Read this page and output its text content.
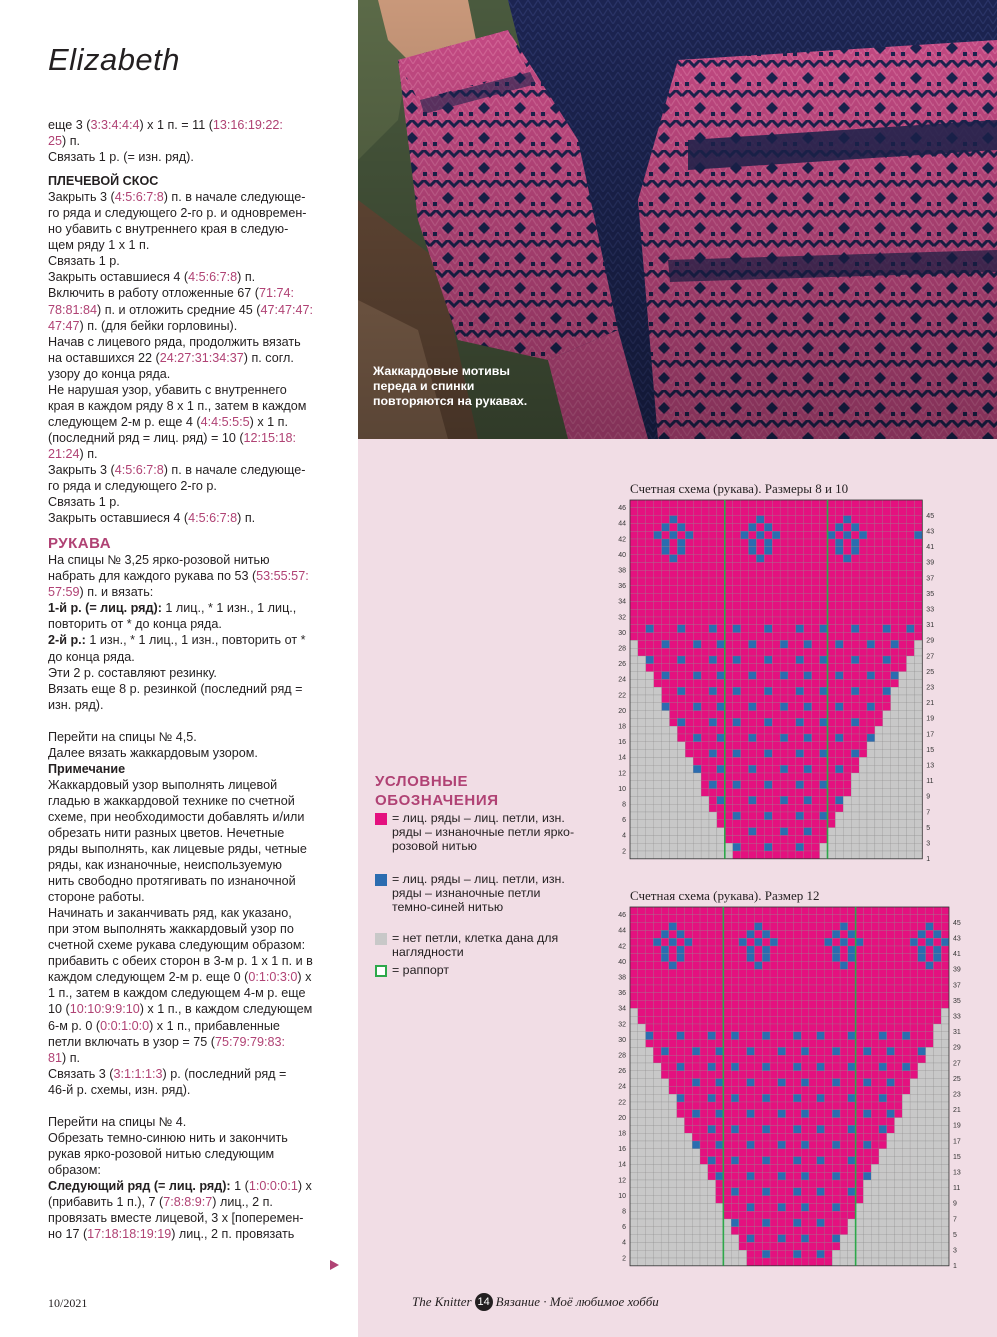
Elizabeth
еще 3 (3:3:4:4:4) х 1 п. = 11 (13:16:19:22:
25) п.
Связать 1 р. (= изн. ряд).
ПЛЕЧЕВОЙ СКОС
Закрыть 3 (4:5:6:7:8) п. в начале следующе-
го ряда и следующего 2-го р. и одновремен-
но убавить с внутреннего края в следую-
щем ряду 1 х 1 п.
Связать 1 р.
Закрыть оставшиеся 4 (4:5:6:7:8) п.
Включить в работу отложенные 67 (71:74:
78:81:84) п. и отложить средние 45 (47:47:47:
47:47) п. (для бейки горловины).
Начав с лицевого ряда, продолжить вязать
на оставшихся 22 (24:27:31:34:37) п. согл.
узору до конца ряда.
Не нарушая узор, убавить с внутреннего
края в каждом ряду 8 х 1 п., затем в каждом
следующем 2-м р. еще 4 (4:4:5:5:5) х 1 п.
(последний ряд = лиц. ряд) = 10 (12:15:18:
21:24) п.
Закрыть 3 (4:5:6:7:8) п. в начале следующе-
го ряда и следующего 2-го р.
Связать 1 р.
Закрыть оставшиеся 4 (4:5:6:7:8) п.
РУКАВА
На спицы № 3,25 ярко-розовой нитью
набрать для каждого рукава по 53 (53:55:57:
57:59) п. и вязать:
1-й р. (= лиц. ряд): 1 лиц., * 1 изн., 1 лиц.,
повторить от * до конца ряда.
2-й р.: 1 изн., * 1 лиц., 1 изн., повторить от *
до конца ряда.
Эти 2 р. составляют резинку.
Вязать еще 8 р. резинкой (последний ряд =
изн. ряд).
Перейти на спицы № 4,5.
Далее вязать жаккардовым узором.
Примечание
Жаккардовый узор выполнять лицевой
гладью в жаккардовой технике по счетной
схеме, при необходимости добавлять и/или
обрезать нити разных цветов. Нечетные
ряды выполнять, как лицевые ряды, четные
ряды, как изнаночные, неиспользуемую
нить свободно протягивать по изнаночной
стороне работы.
Начинать и заканчивать ряд, как указано,
при этом выполнять жаккардовый узор по
счетной схеме рукава следующим образом:
прибавить с обеих сторон в 3-м р. 1 х 1 п. и в
каждом следующем 2-м р. еще 0 (0:1:0:3:0) х
1 п., затем в каждом следующем 4-м р. еще
10 (10:10:9:9:10) х 1 п., в каждом следующем
6-м р. 0 (0:0:1:0:0) х 1 п., прибавленные
петли включать в узор = 75 (75:79:79:83:
81) п.
Связать 3 (3:1:1:1:3) р. (последний ряд =
46-й р. схемы, изн. ряд).
Перейти на спицы № 4.
Обрезать темно-синюю нить и закончить
рукав ярко-розовой нитью следующим
образом:
Следующий ряд (= лиц. ряд): 1 (1:0:0:0:1) х
(прибавить 1 п.), 7 (7:8:8:9:7) лиц., 2 п.
провязать вместе лицевой, 3 х [поперемен-
но 17 (17:18:18:19:19) лиц., 2 п. провязать
10/2021
Жаккардовые мотивы переда и спинки повторяются на рукавах.
Счетная схема (рукава). Размеры 8 и 10
46
44
42
40
38
36
34
32
30
28
26
24
22
20
18
16
14
12
10
8
6
4
2
45
43
41
39
37
35
33
31
29
27
25
23
21
19
17
15
13
11
9
7
5
3
1
Счетная схема (рукава). Размер 12
46
44
42
40
38
36
34
32
30
28
26
24
22
20
18
16
14
12
10
8
6
4
2
45
43
41
39
37
35
33
31
29
27
25
23
21
19
17
15
13
11
9
7
5
3
1
УСЛОВНЫЕ ОБОЗНАЧЕНИЯ
= лиц. ряды – лиц. петли, изн. ряды – изнаночные петли ярко-розовой нитью
= лиц. ряды – лиц. петли, изн. ряды – изнаночные петли темно-синей нитью
= нет петли, клетка дана для наглядности
= раппорт
The Knitter 14 Вязание · Моё любимое хобби
